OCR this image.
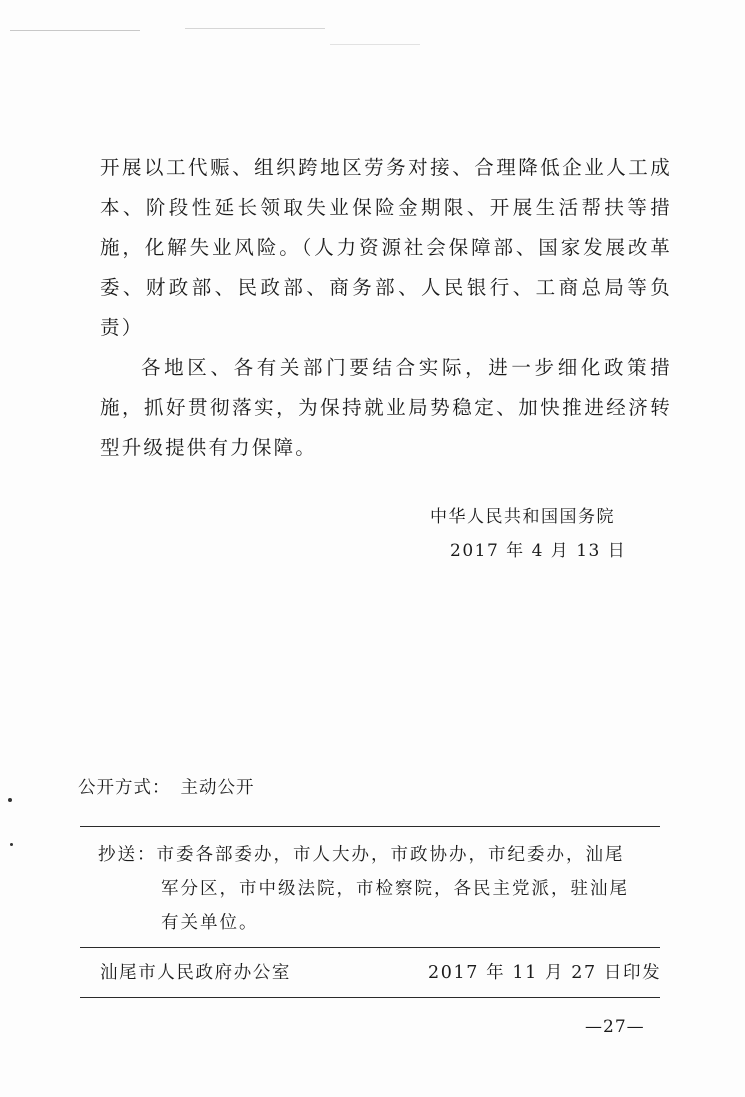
开展以工代赈、组织跨地区劳务对接、合理降低企业人工成本、阶段性延长领取失业保险金期限、开展生活帮扶等措施，化解失业风险。（人力资源社会保障部、国家发展改革委、财政部、民政部、商务部、人民银行、工商总局等负责）

各地区、各有关部门要结合实际，进一步细化政策措施，抓好贯彻落实，为保持就业局势稳定、加快推进经济转型升级提供有力保障。

中华人民共和国国务院
2017 年 4 月 13 日
公开方式： 主动公开
抄送：市委各部委办，市人大办，市政协办，市纪委办，汕尾
军分区，市中级法院，市检察院，各民主党派，驻汕尾
有关单位。
汕尾市人民政府办公室	2017 年 11 月 27 日印发
—27—
